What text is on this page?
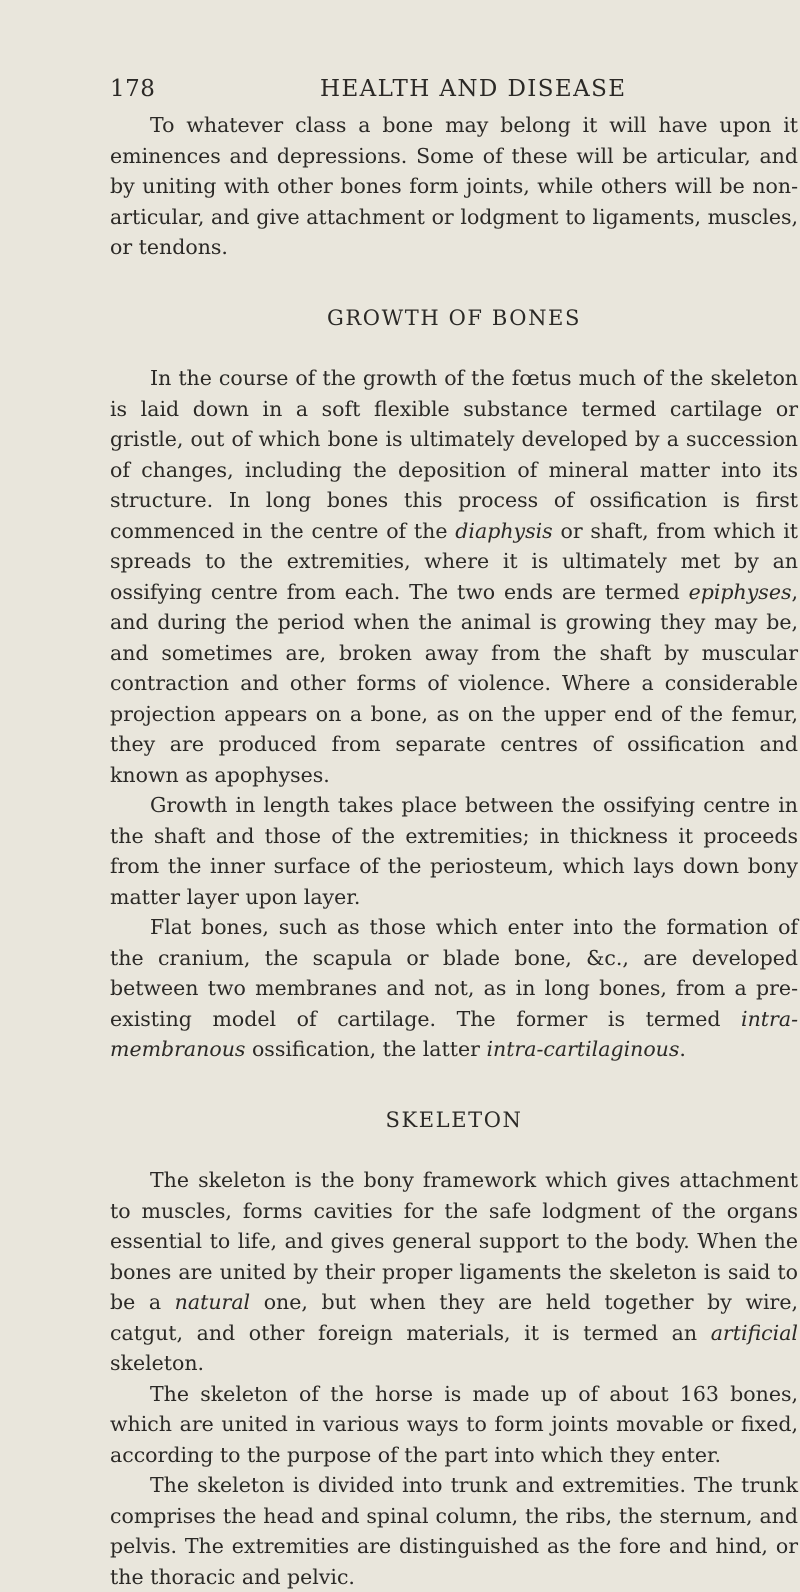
178	HEALTH AND DISEASE

To whatever class a bone may belong it will have upon it eminences and depressions. Some of these will be articular, and by uniting with other bones form joints, while others will be non-articular, and give attachment or lodgment to ligaments, muscles, or tendons.

GROWTH OF BONES

In the course of the growth of the fœtus much of the skeleton is laid down in a soft flexible substance termed cartilage or gristle, out of which bone is ultimately developed by a succession of changes, including the deposition of mineral matter into its structure. In long bones this process of ossification is first commenced in the centre of the diaphysis or shaft, from which it spreads to the extremities, where it is ultimately met by an ossifying centre from each. The two ends are termed epiphyses, and during the period when the animal is growing they may be, and sometimes are, broken away from the shaft by muscular contraction and other forms of violence. Where a considerable projection appears on a bone, as on the upper end of the femur, they are produced from separate centres of ossification and known as apophyses.

Growth in length takes place between the ossifying centre in the shaft and those of the extremities; in thickness it proceeds from the inner surface of the periosteum, which lays down bony matter layer upon layer.

Flat bones, such as those which enter into the formation of the cranium, the scapula or blade bone, &c., are developed between two membranes and not, as in long bones, from a pre-existing model of cartilage. The former is termed intra-membranous ossification, the latter intra-cartilaginous.

SKELETON

The skeleton is the bony framework which gives attachment to muscles, forms cavities for the safe lodgment of the organs essential to life, and gives general support to the body. When the bones are united by their proper ligaments the skeleton is said to be a natural one, but when they are held together by wire, catgut, and other foreign materials, it is termed an artificial skeleton.

The skeleton of the horse is made up of about 163 bones, which are united in various ways to form joints movable or fixed, according to the purpose of the part into which they enter.

The skeleton is divided into trunk and extremities. The trunk comprises the head and spinal column, the ribs, the sternum, and pelvis. The extremities are distinguished as the fore and hind, or the thoracic and pelvic.
